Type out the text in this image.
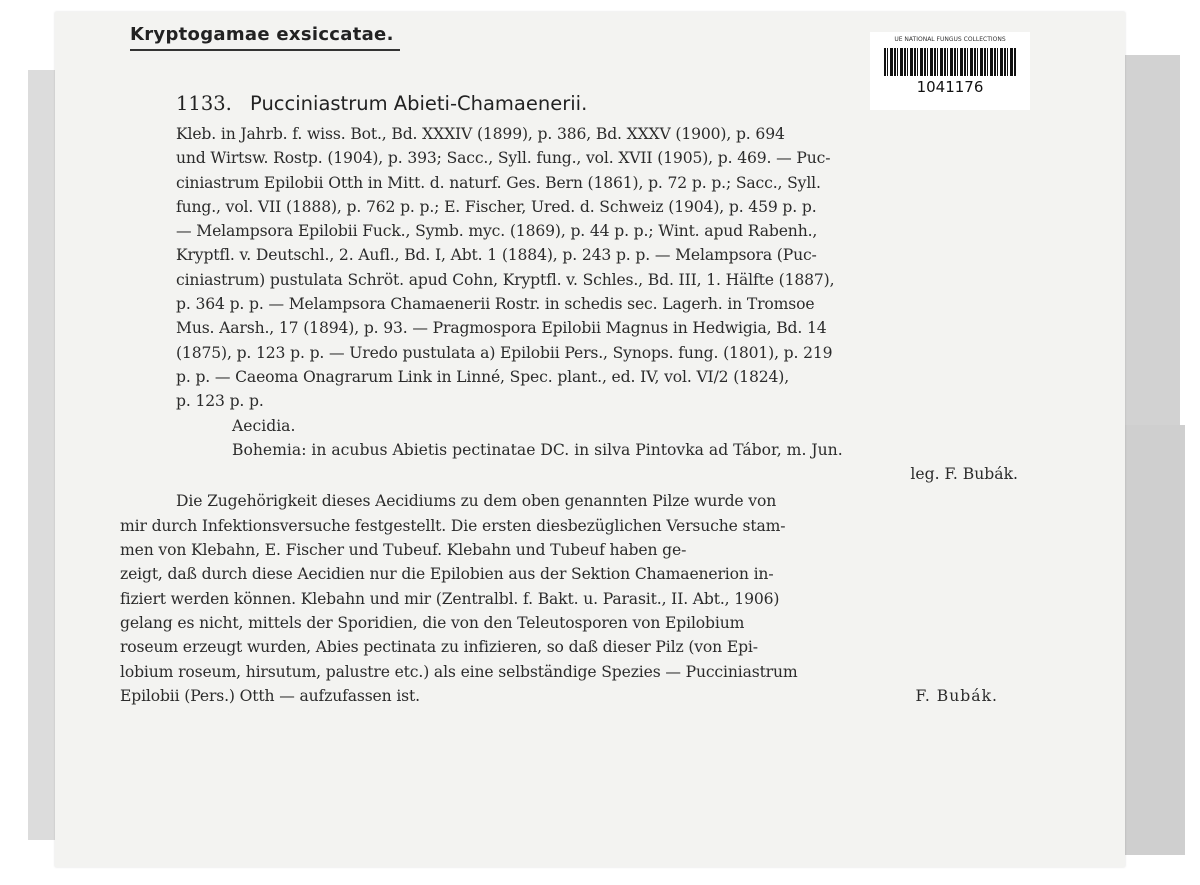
Kryptogamae exsiccatae.	UE NATIONAL FUNGUS COLLECTIONS
1041176
1133. Pucciniastrum Abieti-Chamaenerii.
Kleb. in Jahrb. f. wiss. Bot., Bd. XXXIV (1899), p. 386, Bd. XXXV (1900), p. 694
und Wirtsw. Rostp. (1904), p. 393; Sacc., Syll. fung., vol. XVII (1905), p. 469. — Puc-
ciniastrum Epilobii Otth in Mitt. d. naturf. Ges. Bern (1861), p. 72 p. p.; Sacc., Syll.
fung., vol. VII (1888), p. 762 p. p.; E. Fischer, Ured. d. Schweiz (1904), p. 459 p. p.
— Melampsora Epilobii Fuck., Symb. myc. (1869), p. 44 p. p.; Wint. apud Rabenh.,
Kryptfl. v. Deutschl., 2. Aufl., Bd. I, Abt. 1 (1884), p. 243 p. p. — Melampsora (Puc-
ciniastrum) pustulata Schröt. apud Cohn, Kryptfl. v. Schles., Bd. III, 1. Hälfte (1887),
p. 364 p. p. — Melampsora Chamaenerii Rostr. in schedis sec. Lagerh. in Tromsoe
Mus. Aarsh., 17 (1894), p. 93. — Pragmospora Epilobii Magnus in Hedwigia, Bd. 14
(1875), p. 123 p. p. — Uredo pustulata a) Epilobii Pers., Synops. fung. (1801), p. 219
p. p. — Caeoma Onagrarum Link in Linné, Spec. plant., ed. IV, vol. VI/2 (1824),
p. 123 p. p.
Aecidia.
Bohemia: in acubus Abietis pectinatae DC. in silva Pintovka ad Tábor, m. Jun.
leg. F. Bubák.
Die Zugehörigkeit dieses Aecidiums zu dem oben genannten Pilze wurde von
mir durch Infektionsversuche festgestellt. Die ersten diesbezüglichen Versuche stam-
men von Klebahn, E. Fischer und Tubeuf. Klebahn und Tubeuf haben ge-
zeigt, daß durch diese Aecidien nur die Epilobien aus der Sektion Chamaenerion in-
fiziert werden können. Klebahn und mir (Zentralbl. f. Bakt. u. Parasit., II. Abt., 1906)
gelang es nicht, mittels der Sporidien, die von den Teleutosporen von Epilobium
roseum erzeugt wurden, Abies pectinata zu infizieren, so daß dieser Pilz (von Epi-
lobium roseum, hirsutum, palustre etc.) als eine selbständige Spezies — Pucciniastrum
Epilobii (Pers.) Otth — aufzufassen ist.	F. Bubák.
